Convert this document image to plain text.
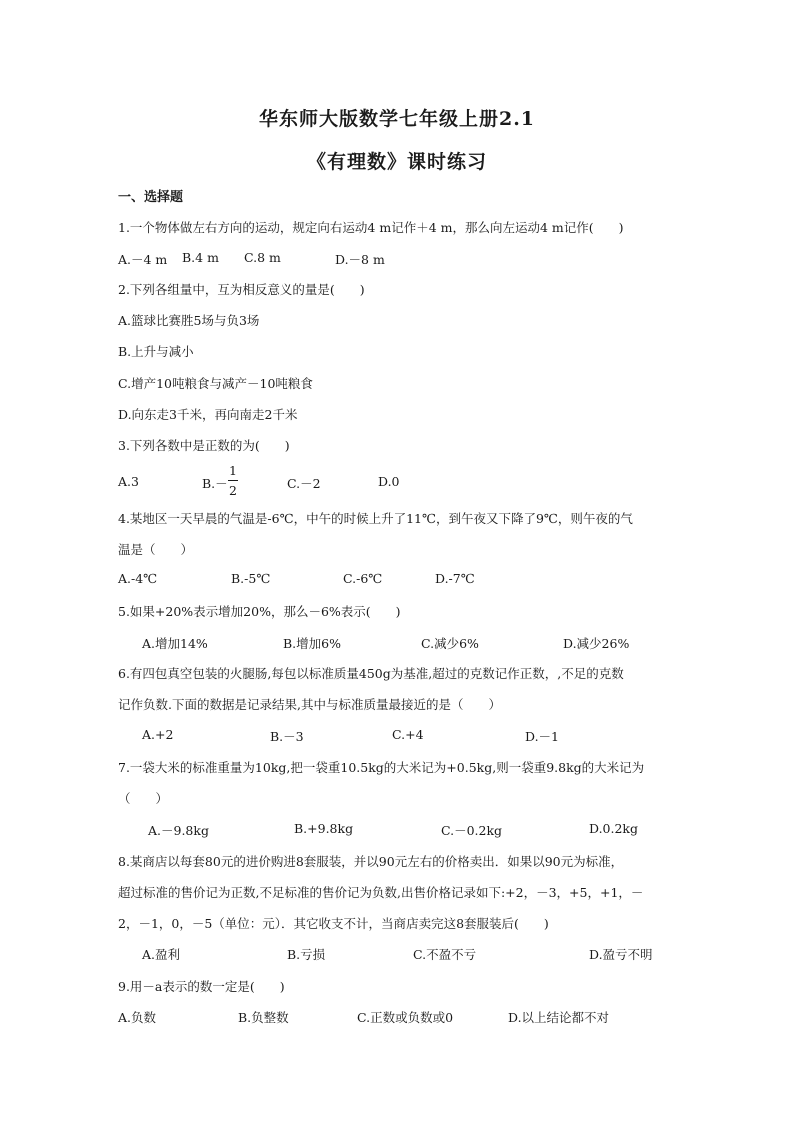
华东师大版数学七年级上册2.1
《有理数》课时练习
一、选择题
1.一个物体做左右方向的运动，规定向右运动4 m记作＋4 m，那么向左运动4 m记作(　　)
A.－4 m B.4 m C.8 m	D.－8 m
2.下列各组量中，互为相反意义的量是(　　)
A.篮球比赛胜5场与负3场
B.上升与减小
C.增产10吨粮食与减产－10吨粮食
D.向东走3千米，再向南走2千米
3.下列各数中是正数的为(　　)
A.3	B.－
1
2	C.－2	D.0
4.某地区一天早晨的气温是-6℃，中午的时候上升了11℃，到午夜又下降了9℃，则午夜的气
温是（　　）
A.-4℃	B.-5℃	C.-6℃	D.-7℃
5.如果+20%表示增加20%，那么－6%表示(　　)
A.增加14%	B.增加6%	C.减少6%	D.减少26%
6.有四包真空包装的火腿肠,每包以标准质量450g为基准,超过的克数记作正数，,不足的克数
记作负数.下面的数据是记录结果,其中与标准质量最接近的是（　　）
A.+2	B.－3	C.+4	D.－1
7.一袋大米的标准重量为10kg,把一袋重10.5kg的大米记为+0.5kg,则一袋重9.8kg的大米记为
（　　）
A.－9.8kg	B.+9.8kg	C.－0.2kg	D.0.2kg
8.某商店以每套80元的进价购进8套服装，并以90元左右的价格卖出．如果以90元为标准，
超过标准的售价记为正数,不足标准的售价记为负数,出售价格记录如下:+2，－3，+5，+1，－
2，－1，0，－5（单位：元）．其它收支不计，当商店卖完这8套服装后(　　)
A.盈利	B.亏损	C.不盈不亏	D.盈亏不明
9.用－a表示的数一定是(　　)
A.负数	B.负整数	C.正数或负数或0	D.以上结论都不对
